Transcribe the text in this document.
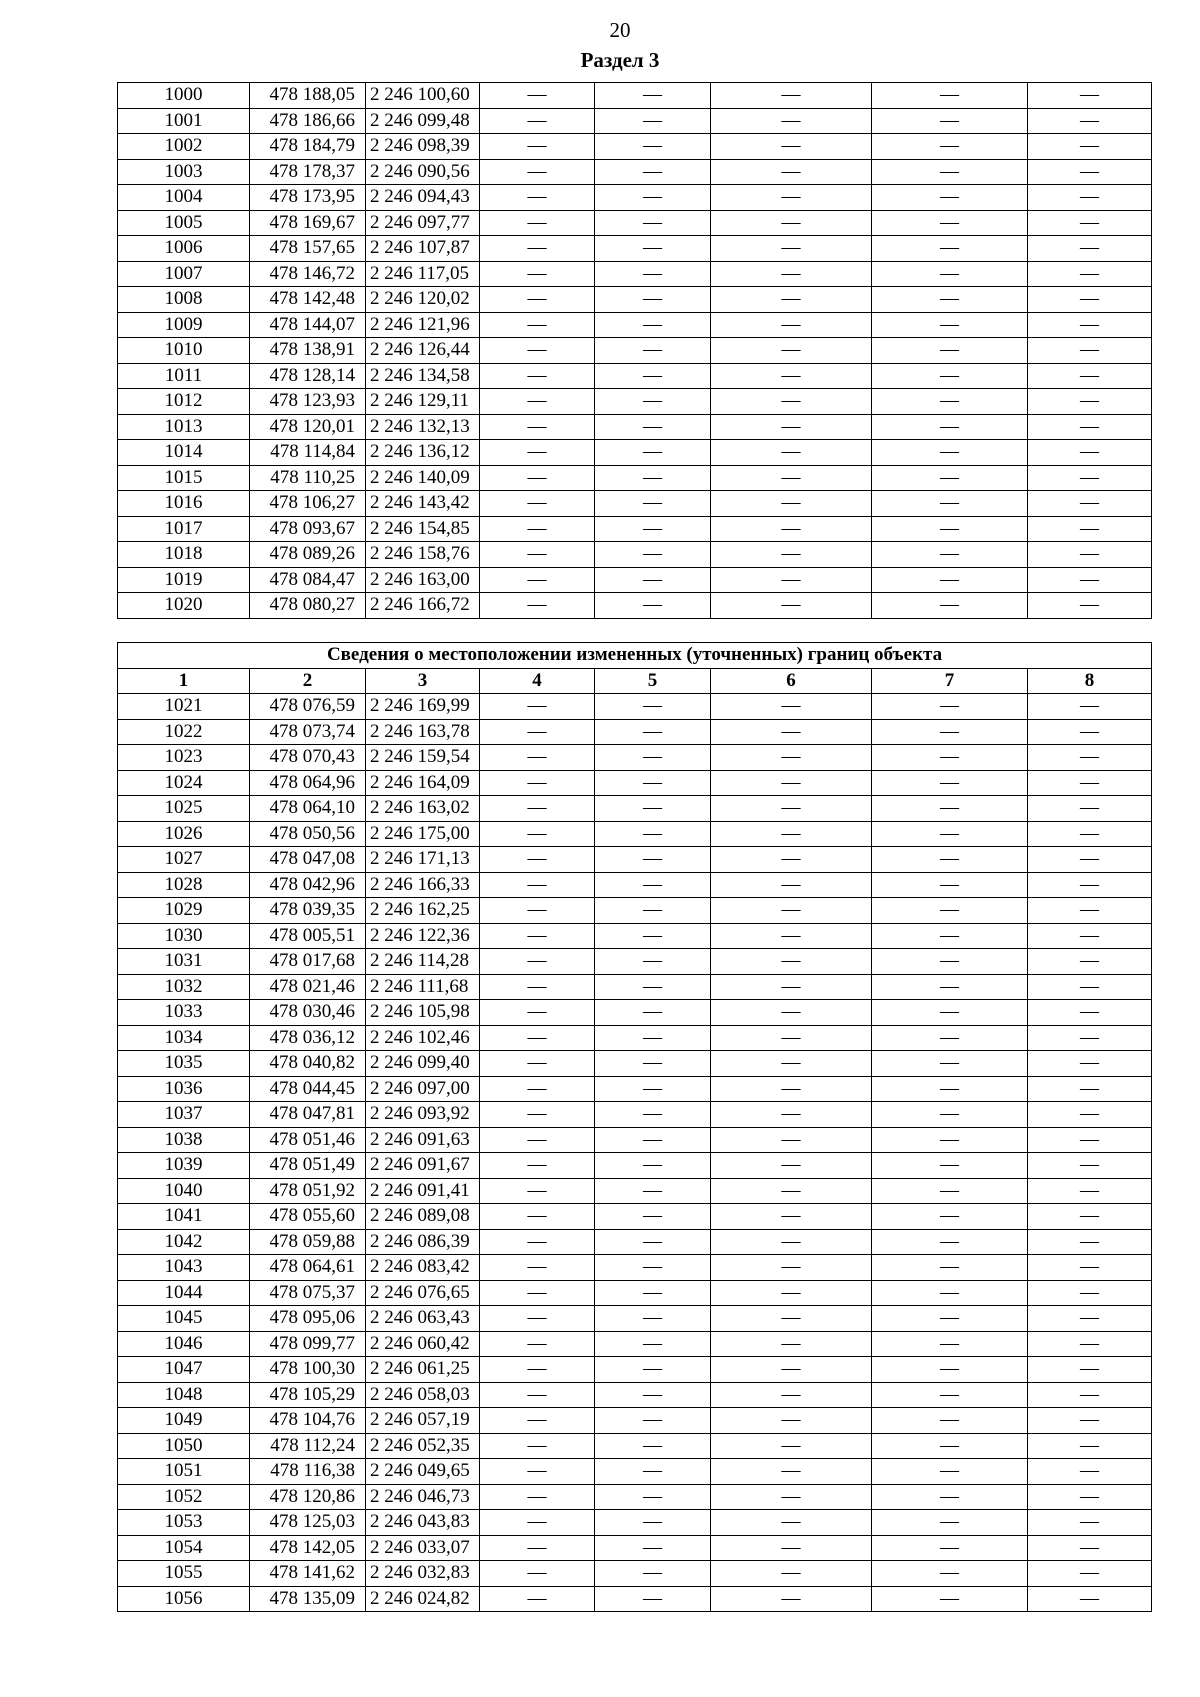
20
Раздел 3
1000	478 188,05	2 246 100,60	—	—	—	—	—
1001	478 186,66	2 246 099,48	—	—	—	—	—
1002	478 184,79	2 246 098,39	—	—	—	—	—
1003	478 178,37	2 246 090,56	—	—	—	—	—
1004	478 173,95	2 246 094,43	—	—	—	—	—
1005	478 169,67	2 246 097,77	—	—	—	—	—
1006	478 157,65	2 246 107,87	—	—	—	—	—
1007	478 146,72	2 246 117,05	—	—	—	—	—
1008	478 142,48	2 246 120,02	—	—	—	—	—
1009	478 144,07	2 246 121,96	—	—	—	—	—
1010	478 138,91	2 246 126,44	—	—	—	—	—
1011	478 128,14	2 246 134,58	—	—	—	—	—
1012	478 123,93	2 246 129,11	—	—	—	—	—
1013	478 120,01	2 246 132,13	—	—	—	—	—
1014	478 114,84	2 246 136,12	—	—	—	—	—
1015	478 110,25	2 246 140,09	—	—	—	—	—
1016	478 106,27	2 246 143,42	—	—	—	—	—
1017	478 093,67	2 246 154,85	—	—	—	—	—
1018	478 089,26	2 246 158,76	—	—	—	—	—
1019	478 084,47	2 246 163,00	—	—	—	—	—
1020	478 080,27	2 246 166,72	—	—	—	—	—
Сведения о местоположении измененных (уточненных) границ объекта							
1	2	3	4	5	6	7	8
1021	478 076,59	2 246 169,99	—	—	—	—	—
1022	478 073,74	2 246 163,78	—	—	—	—	—
1023	478 070,43	2 246 159,54	—	—	—	—	—
1024	478 064,96	2 246 164,09	—	—	—	—	—
1025	478 064,10	2 246 163,02	—	—	—	—	—
1026	478 050,56	2 246 175,00	—	—	—	—	—
1027	478 047,08	2 246 171,13	—	—	—	—	—
1028	478 042,96	2 246 166,33	—	—	—	—	—
1029	478 039,35	2 246 162,25	—	—	—	—	—
1030	478 005,51	2 246 122,36	—	—	—	—	—
1031	478 017,68	2 246 114,28	—	—	—	—	—
1032	478 021,46	2 246 111,68	—	—	—	—	—
1033	478 030,46	2 246 105,98	—	—	—	—	—
1034	478 036,12	2 246 102,46	—	—	—	—	—
1035	478 040,82	2 246 099,40	—	—	—	—	—
1036	478 044,45	2 246 097,00	—	—	—	—	—
1037	478 047,81	2 246 093,92	—	—	—	—	—
1038	478 051,46	2 246 091,63	—	—	—	—	—
1039	478 051,49	2 246 091,67	—	—	—	—	—
1040	478 051,92	2 246 091,41	—	—	—	—	—
1041	478 055,60	2 246 089,08	—	—	—	—	—
1042	478 059,88	2 246 086,39	—	—	—	—	—
1043	478 064,61	2 246 083,42	—	—	—	—	—
1044	478 075,37	2 246 076,65	—	—	—	—	—
1045	478 095,06	2 246 063,43	—	—	—	—	—
1046	478 099,77	2 246 060,42	—	—	—	—	—
1047	478 100,30	2 246 061,25	—	—	—	—	—
1048	478 105,29	2 246 058,03	—	—	—	—	—
1049	478 104,76	2 246 057,19	—	—	—	—	—
1050	478 112,24	2 246 052,35	—	—	—	—	—
1051	478 116,38	2 246 049,65	—	—	—	—	—
1052	478 120,86	2 246 046,73	—	—	—	—	—
1053	478 125,03	2 246 043,83	—	—	—	—	—
1054	478 142,05	2 246 033,07	—	—	—	—	—
1055	478 141,62	2 246 032,83	—	—	—	—	—
1056	478 135,09	2 246 024,82	—	—	—	—	—
